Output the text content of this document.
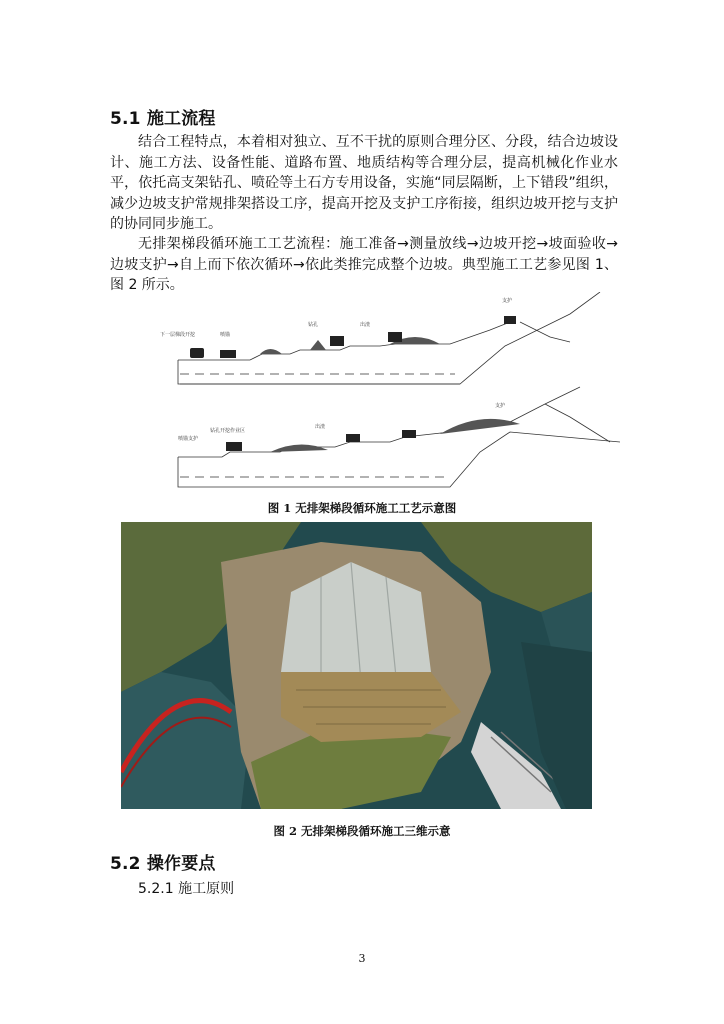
5.1 施工流程

结合工程特点，本着相对独立、互不干扰的原则合理分区、分段，结合边坡设计、施工方法、设备性能、道路布置、地质结构等合理分层，提高机械化作业水平，依托高支架钻孔、喷砼等土石方专用设备，实施“同层隔断，上下错段”组织，减少边坡支护常规排架搭设工序，提高开挖及支护工序衔接，组织边坡开挖与支护的协同同步施工。

无排架梯段循环施工工艺流程：施工准备→测量放线→边坡开挖→坡面验收→边坡支护→自上而下依次循环→依此类推完成整个边坡。典型施工工艺参见图 1、图 2 所示。

下一层梯段开挖	喷锚
钻孔	出渣
支护
喷锚支护
钻孔开挖作业区
出渣
支护
图 1 无排架梯段循环施工工艺示意图
图 2 无排架梯段循环施工三维示意
5.2 操作要点

5.2.1 施工原则

3
